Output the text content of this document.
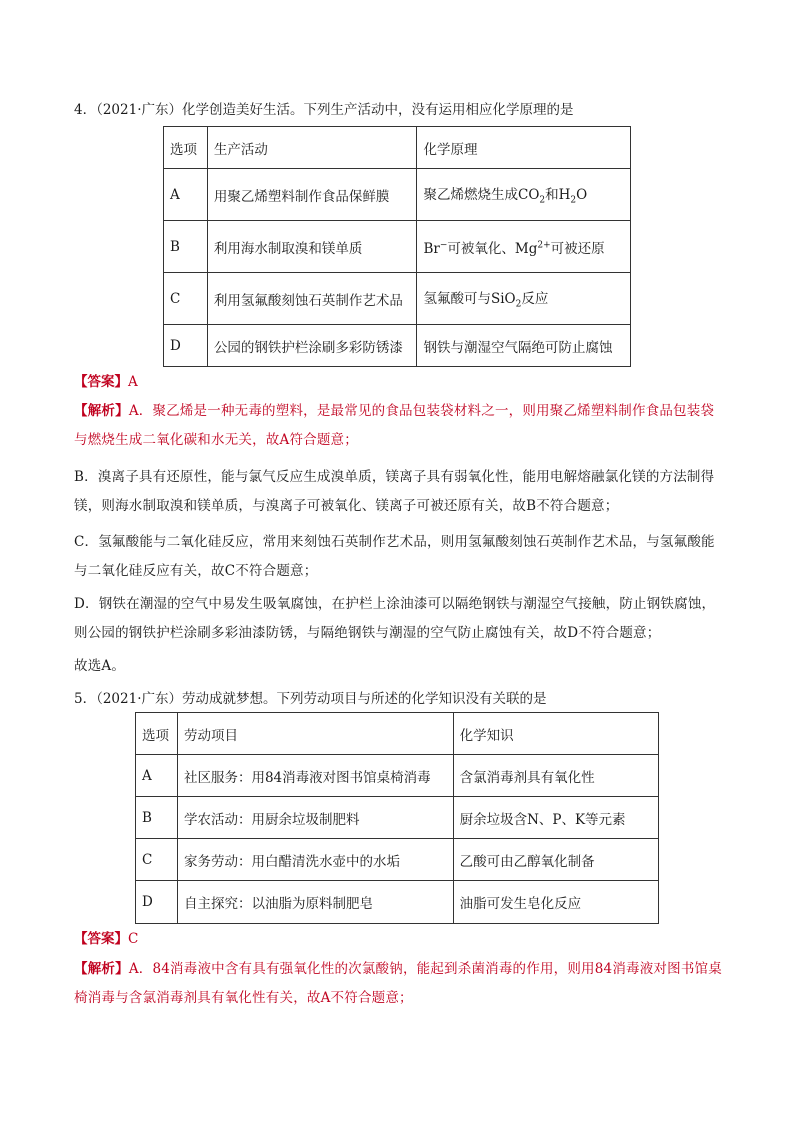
4．（2021·广东）化学创造美好生活。下列生产活动中，没有运用相应化学原理的是
选项	生产活动	化学原理
A	用聚乙烯塑料制作食品保鲜膜	聚乙烯燃烧生成$CO_2$和$H_2O$
B	利用海水制取溴和镁单质	Br−可被氧化、$Mg^{2+}$可被还原
C	利用氢氟酸刻蚀石英制作艺术品	氢氟酸可与SiO$_2$反应
D	公园的钢铁护栏涂刷多彩防锈漆	钢铁与潮湿空气隔绝可防止腐蚀
【答案】A
【解析】A．聚乙烯是一种无毒的塑料，是最常见的食品包装袋材料之一，则用聚乙烯塑料制作食品包装袋与燃烧生成二氧化碳和水无关，故A符合题意；
B．溴离子具有还原性，能与氯气反应生成溴单质，镁离子具有弱氧化性，能用电解熔融氯化镁的方法制得镁，则海水制取溴和镁单质，与溴离子可被氧化、镁离子可被还原有关，故B不符合题意；
C．氢氟酸能与二氧化硅反应，常用来刻蚀石英制作艺术品，则用氢氟酸刻蚀石英制作艺术品，与氢氟酸能与二氧化硅反应有关，故C不符合题意；
D．钢铁在潮湿的空气中易发生吸氧腐蚀，在护栏上涂油漆可以隔绝钢铁与潮湿空气接触，防止钢铁腐蚀，则公园的钢铁护栏涂刷多彩油漆防锈，与隔绝钢铁与潮湿的空气防止腐蚀有关，故D不符合题意；
故选A。
5．（2021·广东）劳动成就梦想。下列劳动项目与所述的化学知识没有关联的是
选项	劳动项目	化学知识
A	社区服务：用84消毒液对图书馆桌椅消毒	含氯消毒剂具有氧化性
B	学农活动：用厨余垃圾制肥料	厨余垃圾含N、P、K等元素
C	家务劳动：用白醋清洗水壶中的水垢	乙酸可由乙醇氧化制备
D	自主探究：以油脂为原料制肥皂	油脂可发生皂化反应
【答案】C
【解析】A．84消毒液中含有具有强氧化性的次氯酸钠，能起到杀菌消毒的作用，则用84消毒液对图书馆桌椅消毒与含氯消毒剂具有氧化性有关，故A不符合题意；
